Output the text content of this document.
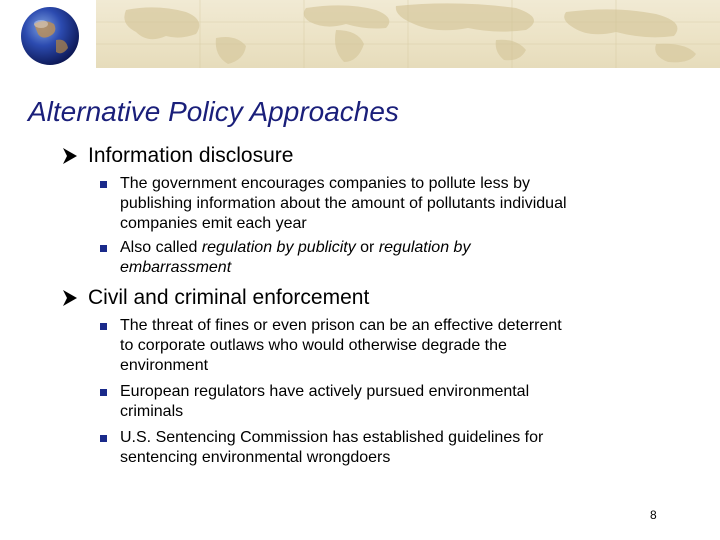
Alternative Policy Approaches
Information disclosure
The government encourages companies to pollute less by
publishing information about the amount of pollutants individual
companies emit each year
Also called regulation by publicity or regulation by
embarrassment
Civil and criminal enforcement
The threat of fines or even prison can be an effective deterrent
to corporate outlaws who would otherwise degrade the
environment
European regulators have actively pursued environmental
criminals
U.S. Sentencing Commission has established guidelines for
sentencing environmental wrongdoers
8
